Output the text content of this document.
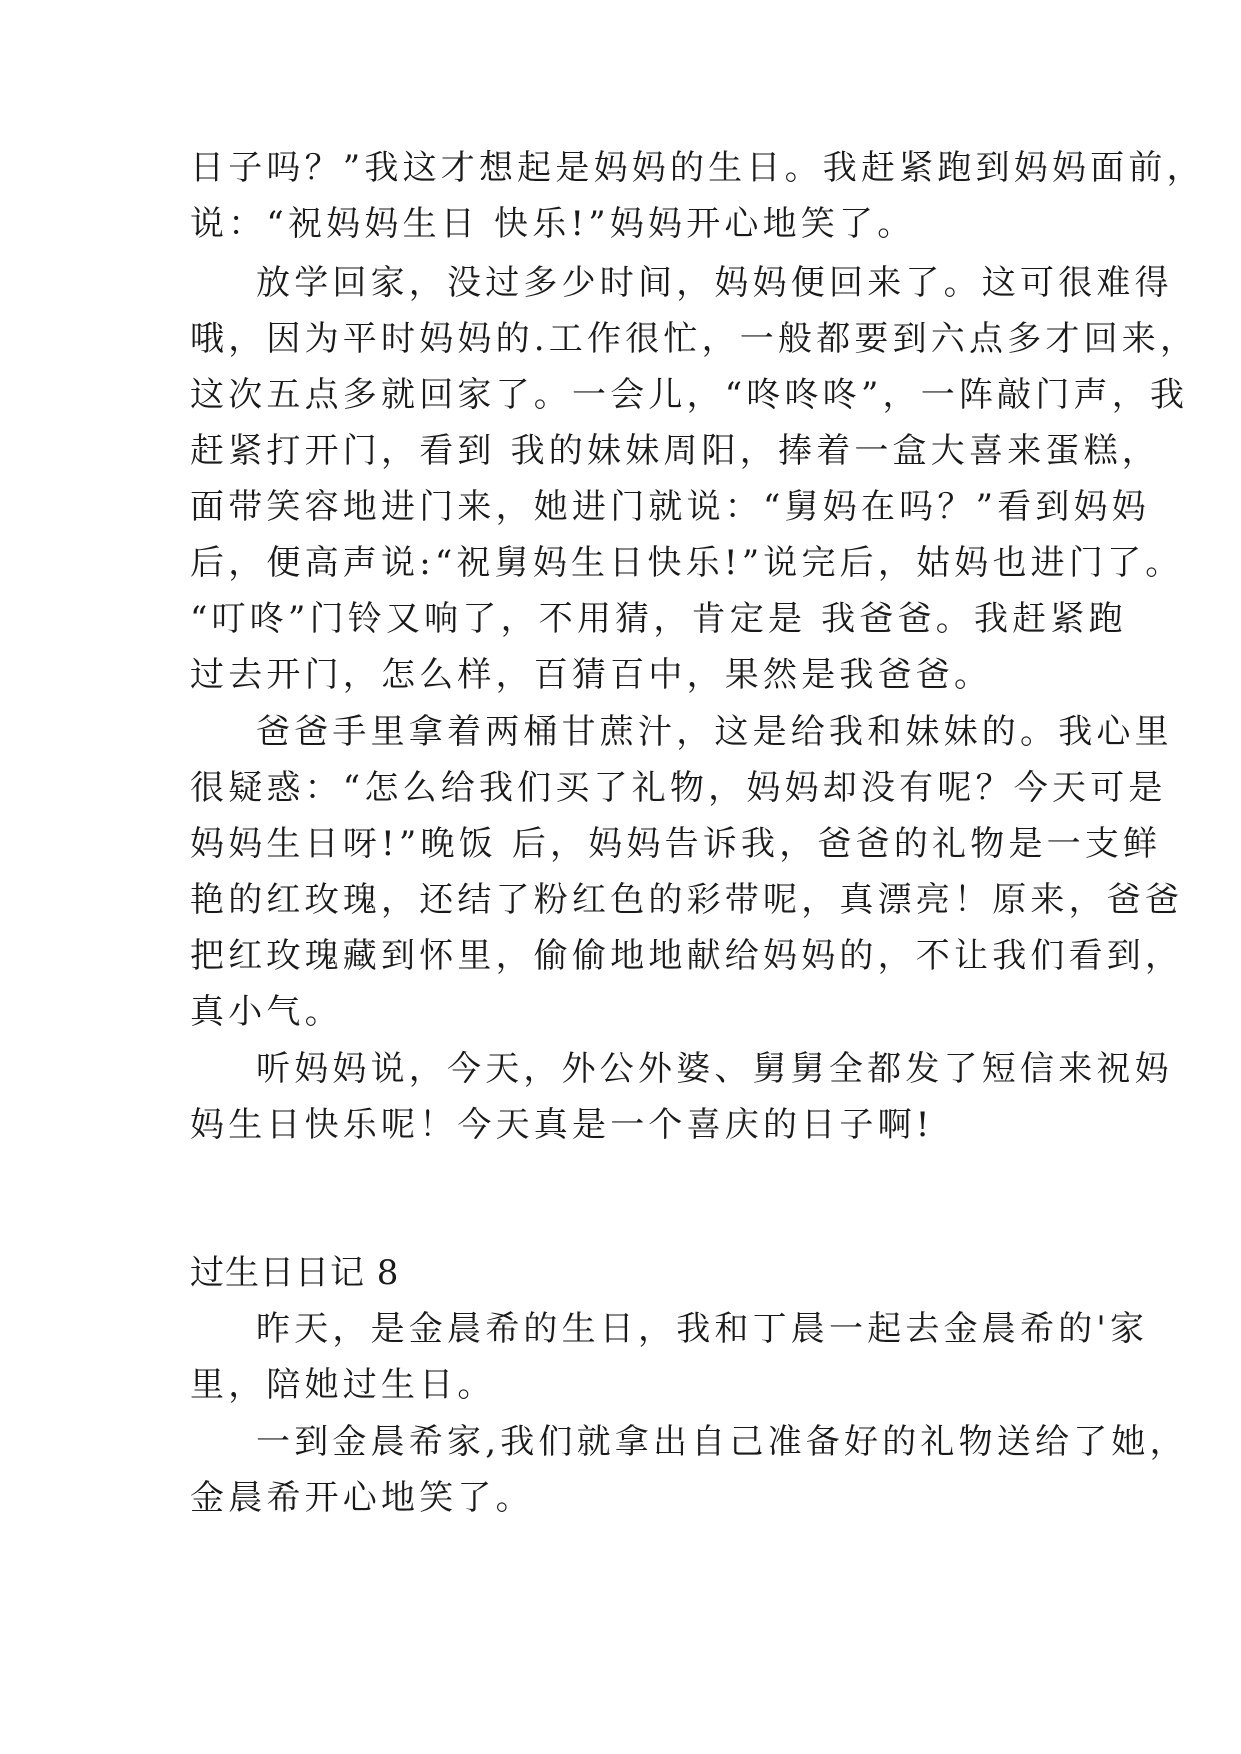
日子吗？”我这才想起是妈妈的生日。我赶紧跑到妈妈面前，
说：“祝妈妈生日 快乐!”妈妈开心地笑了。
放学回家，没过多少时间，妈妈便回来了。这可很难得
哦，因为平时妈妈的.工作很忙，一般都要到六点多才回来，
这次五点多就回家了。一会儿，“咚咚咚”，一阵敲门声，我
赶紧打开门，看到 我的妹妹周阳，捧着一盒大喜来蛋糕，
面带笑容地进门来，她进门就说：“舅妈在吗？”看到妈妈
后，便高声说:“祝舅妈生日快乐!”说完后，姑妈也进门了。
“叮咚”门铃又响了，不用猜，肯定是 我爸爸。我赶紧跑
过去开门，怎么样，百猜百中，果然是我爸爸。
爸爸手里拿着两桶甘蔗汁，这是给我和妹妹的。我心里
很疑惑：“怎么给我们买了礼物，妈妈却没有呢？今天可是
妈妈生日呀!”晚饭 后，妈妈告诉我，爸爸的礼物是一支鲜
艳的红玫瑰，还结了粉红色的彩带呢，真漂亮！原来，爸爸
把红玫瑰藏到怀里，偷偷地地献给妈妈的，不让我们看到，
真小气。
听妈妈说，今天，外公外婆、舅舅全都发了短信来祝妈
妈生日快乐呢！今天真是一个喜庆的日子啊!
过生日日记 8
昨天，是金晨希的生日，我和丁晨一起去金晨希的'家
里，陪她过生日。
一到金晨希家,我们就拿出自己准备好的礼物送给了她，
金晨希开心地笑了。
